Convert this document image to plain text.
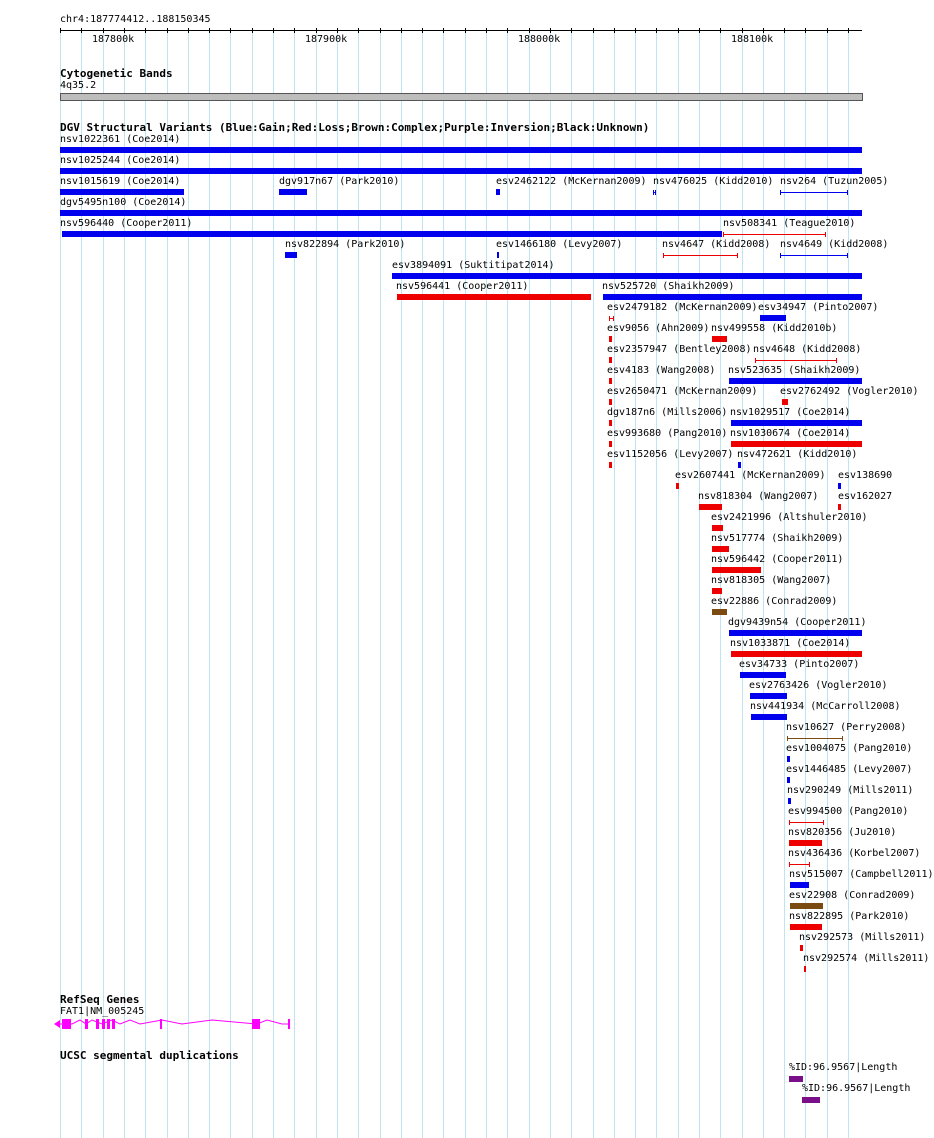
chr4:187774412..188150345
187800k	187900k	188000k	188100k
Cytogenetic Bands
4q35.2
DGV Structural Variants (Blue:Gain;Red:Loss;Brown:Complex;Purple:Inversion;Black:Unknown)
nsv1022361 (Coe2014)
nsv1025244 (Coe2014)
nsv1015619 (Coe2014)	dgv917n67 (Park2010)	esv2462122 (McKernan2009) nsv476025 (Kidd2010) nsv264 (Tuzun2005)
dgv5495n100 (Coe2014)
nsv596440 (Cooper2011)	nsv508341 (Teague2010)
nsv822894 (Park2010)	esv1466180 (Levy2007)	nsv4647 (Kidd2008) nsv4649 (Kidd2008)
esv3894091 (Suktitipat2014)
nsv596441 (Cooper2011)	nsv525720 (Shaikh2009)
esv2479182 (McKernan2009) esv34947 (Pinto2007)
esv9056 (Ahn2009) nsv499558 (Kidd2010b)
esv2357947 (Bentley2008) nsv4648 (Kidd2008)
esv4183 (Wang2008) nsv523635 (Shaikh2009)
esv2650471 (McKernan2009) esv2762492 (Vogler2010)
dgv187n6 (Mills2006) nsv1029517 (Coe2014)
esv993680 (Pang2010) nsv1030674 (Coe2014)
esv1152056 (Levy2007) nsv472621 (Kidd2010)
esv2607441 (McKernan2009) esv138690
nsv818304 (Wang2007) esv162027
esv2421996 (Altshuler2010)
nsv517774 (Shaikh2009)
nsv596442 (Cooper2011)
nsv818305 (Wang2007)
esv22886 (Conrad2009)
dgv9439n54 (Cooper2011)
nsv1033871 (Coe2014)
esv34733 (Pinto2007)
esv2763426 (Vogler2010)
nsv441934 (McCarroll2008)
nsv10627 (Perry2008)
esv1004075 (Pang2010)
esv1446485 (Levy2007)
nsv290249 (Mills2011)
esv994500 (Pang2010)
nsv820356 (Ju2010)
nsv436436 (Korbel2007)
nsv515007 (Campbell2011)
esv22908 (Conrad2009)
nsv822895 (Park2010)
nsv292573 (Mills2011)
nsv292574 (Mills2011)
RefSeq Genes
FAT1|NM_005245
UCSC segmental duplications
%ID:96.9567|Length
%ID:96.9567|Length
